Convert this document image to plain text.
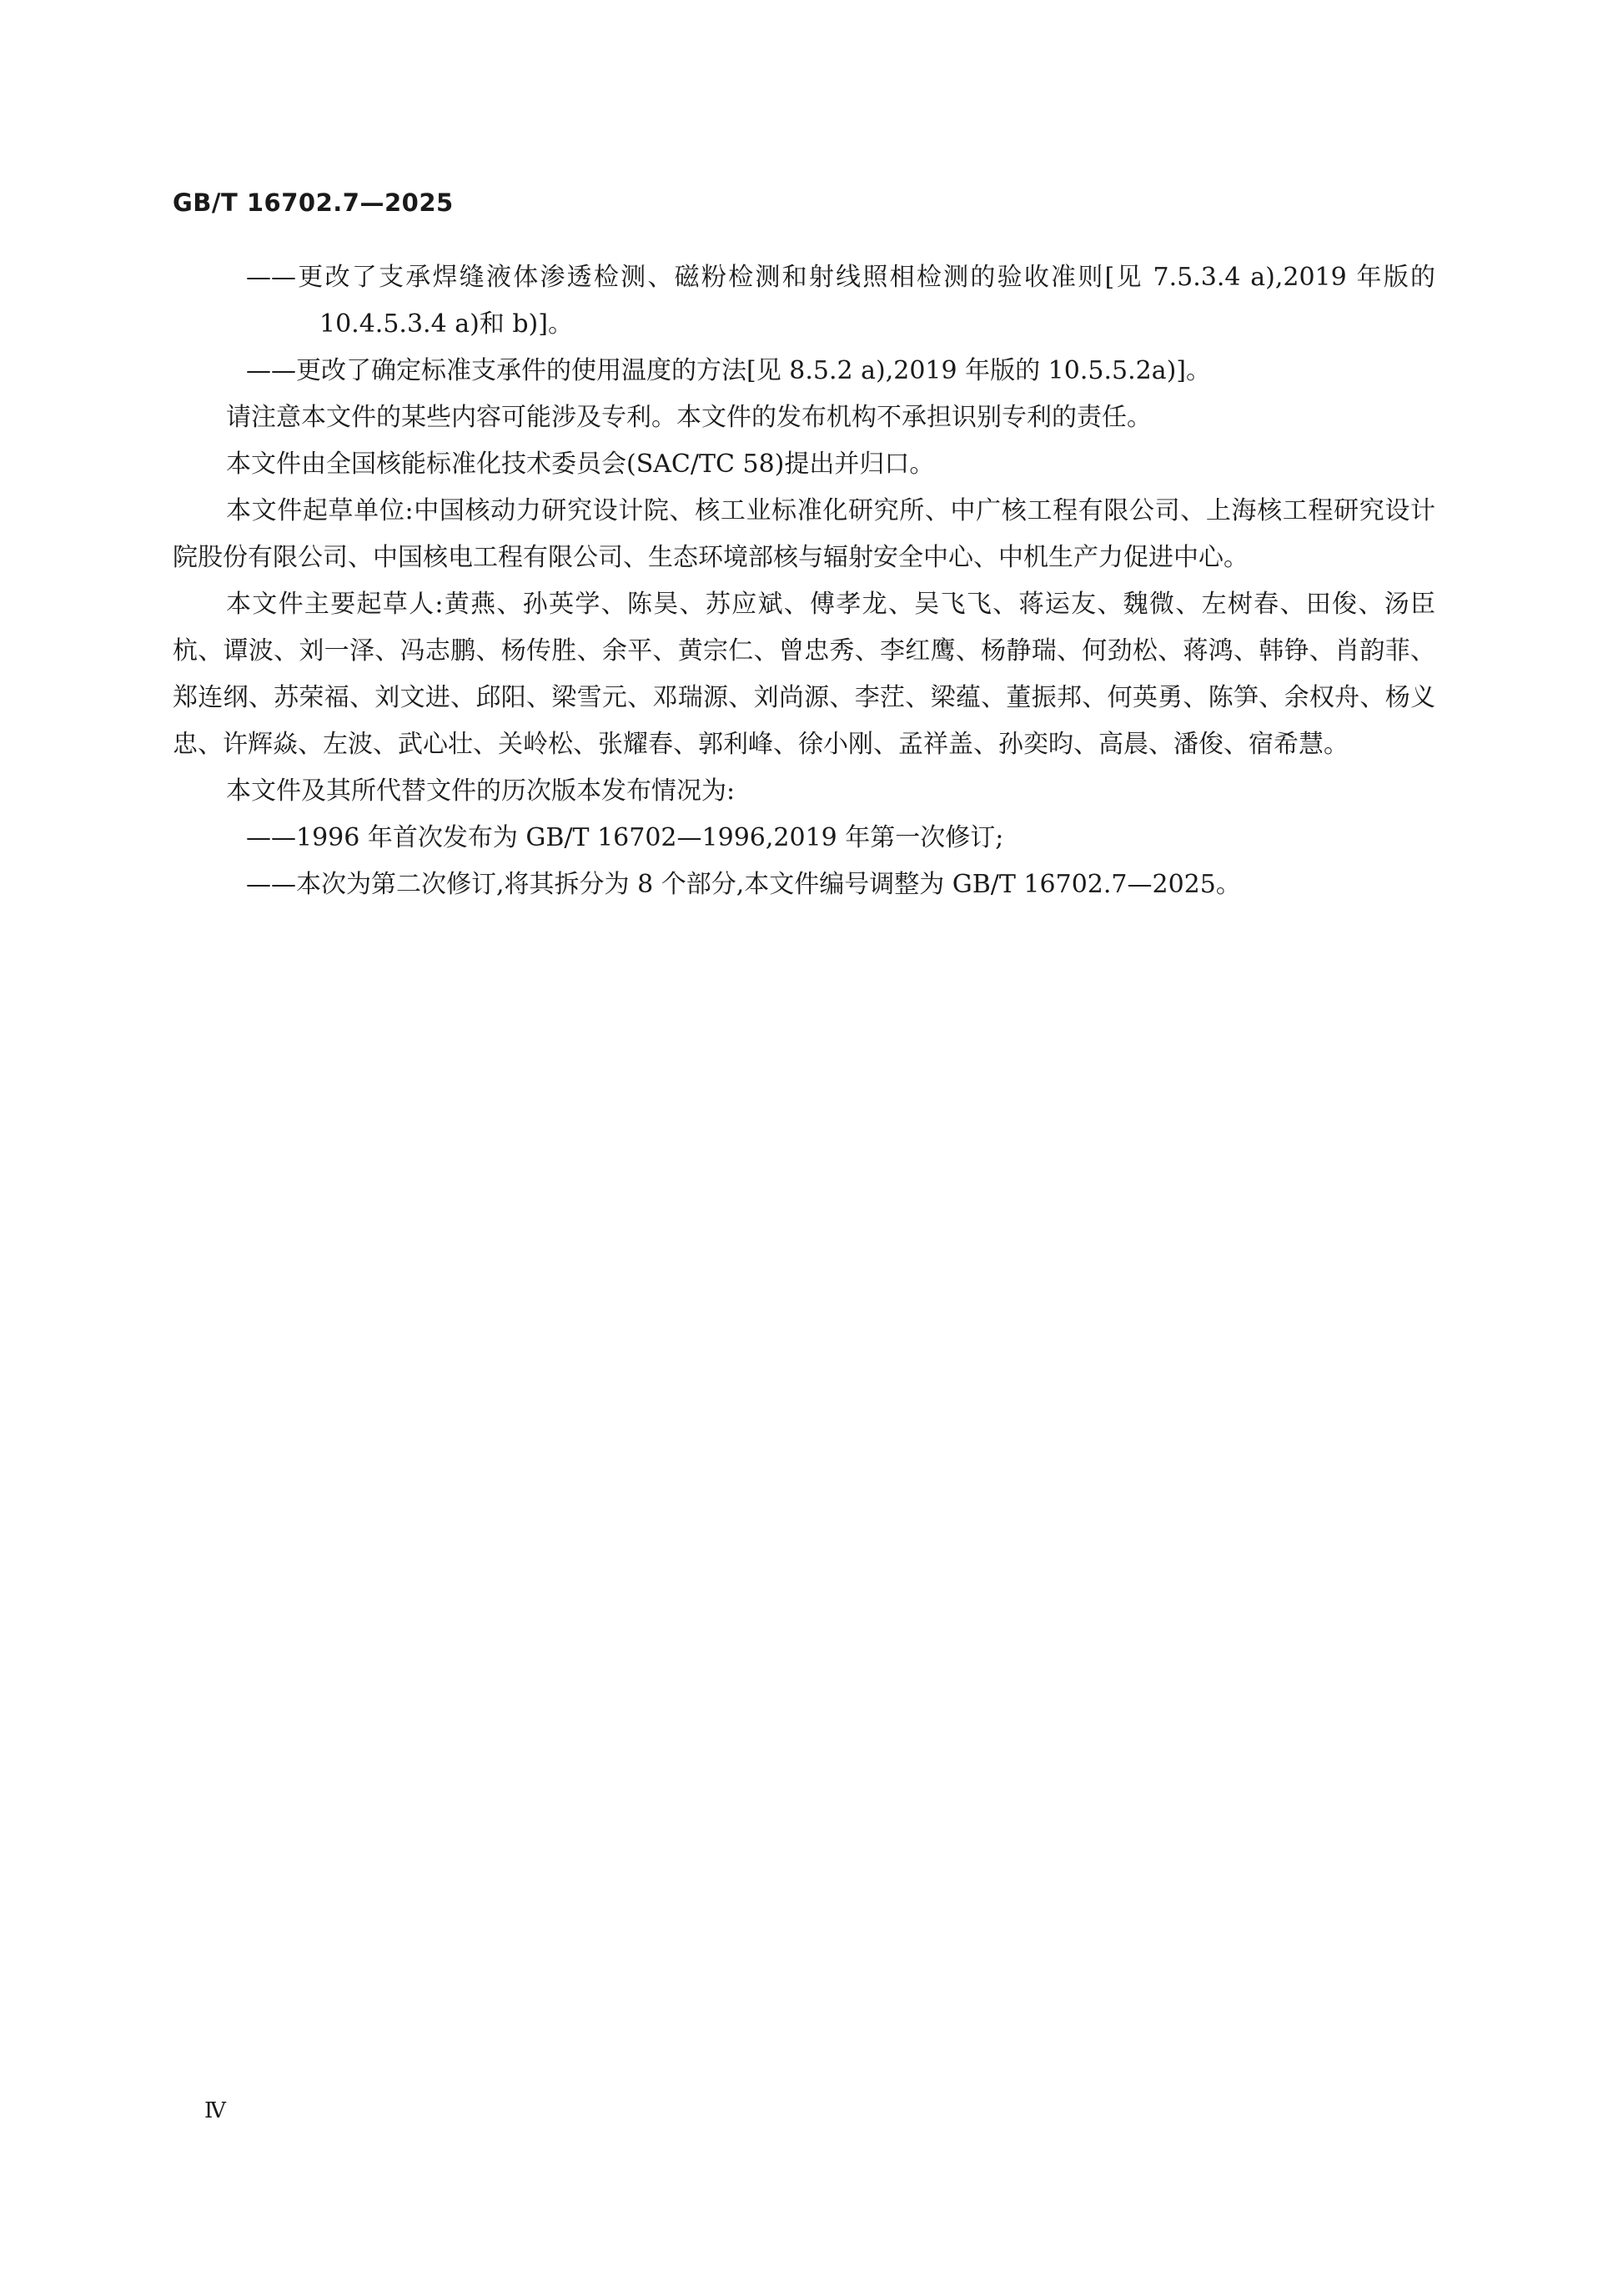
GB/T 16702.7—2025

——更改了支承焊缝液体渗透检测、磁粉检测和射线照相检测的验收准则[见 7.5.3.4 a),2019 年版的 10.4.5.3.4 a)和 b)]。

——更改了确定标准支承件的使用温度的方法[见 8.5.2 a),2019 年版的 10.5.5.2a)]。

请注意本文件的某些内容可能涉及专利。本文件的发布机构不承担识别专利的责任。

本文件由全国核能标准化技术委员会(SAC/TC 58)提出并归口。

本文件起草单位:中国核动力研究设计院、核工业标准化研究所、中广核工程有限公司、上海核工程研究设计院股份有限公司、中国核电工程有限公司、生态环境部核与辐射安全中心、中机生产力促进中心。

本文件主要起草人:黄燕、孙英学、陈昊、苏应斌、傅孝龙、吴飞飞、蒋运友、魏微、左树春、田俊、汤臣杭、谭波、刘一泽、冯志鹏、杨传胜、余平、黄宗仁、曾忠秀、李红鹰、杨静瑞、何劲松、蒋鸿、韩铮、肖韵菲、郑连纲、苏荣福、刘文进、邱阳、梁雪元、邓瑞源、刘尚源、李茳、梁蕴、董振邦、何英勇、陈笋、余权舟、杨义忠、许辉焱、左波、武心壮、关岭松、张耀春、郭利峰、徐小刚、孟祥盖、孙奕昀、高晨、潘俊、宿希慧。

本文件及其所代替文件的历次版本发布情况为:

——1996 年首次发布为 GB/T 16702—1996,2019 年第一次修订;

——本次为第二次修订,将其拆分为 8 个部分,本文件编号调整为 GB/T 16702.7—2025。

Ⅳ
